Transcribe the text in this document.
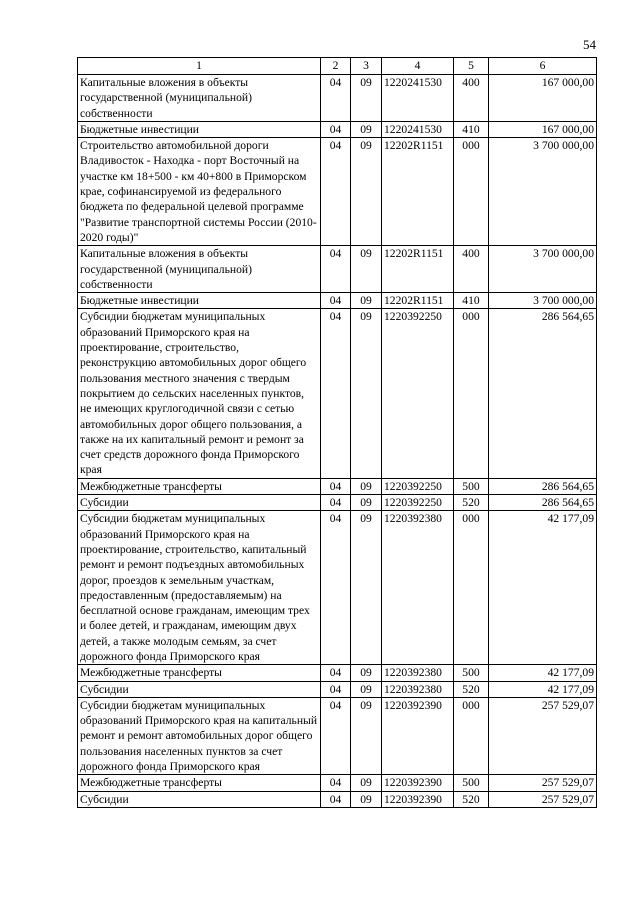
54
1	2	3	4	5	6
Капитальные вложения в объекты государственной (муниципальной) собственности	04	09	1220241530	400	167 000,00
Бюджетные инвестиции	04	09	1220241530	410	167 000,00
Строительство автомобильной дороги Владивосток - Находка - порт Восточный на участке км 18+500 - км 40+800 в Приморском крае, софинансируемой из федерального бюджета по федеральной целевой программе "Развитие транспортной системы России (2010-2020 годы)"	04	09	12202R1151	000	3 700 000,00
Капитальные вложения в объекты государственной (муниципальной) собственности	04	09	12202R1151	400	3 700 000,00
Бюджетные инвестиции	04	09	12202R1151	410	3 700 000,00
Субсидии бюджетам муниципальных образований Приморского края на проектирование, строительство, реконструкцию автомобильных дорог общего пользования местного значения с твердым покрытием до сельских населенных пунктов, не имеющих круглогодичной связи с сетью автомобильных дорог общего пользования, а также на их капитальный ремонт и ремонт за счет средств дорожного фонда Приморского края	04	09	1220392250	000	286 564,65
Межбюджетные трансферты	04	09	1220392250	500	286 564,65
Субсидии	04	09	1220392250	520	286 564,65
Субсидии бюджетам муниципальных образований Приморского края на проектирование, строительство, капитальный ремонт и ремонт подъездных автомобильных дорог, проездов к земельным участкам, предоставленным (предоставляемым) на бесплатной основе гражданам, имеющим трех и более детей, и гражданам, имеющим двух детей, а также молодым семьям, за счет дорожного фонда Приморского края	04	09	1220392380	000	42 177,09
Межбюджетные трансферты	04	09	1220392380	500	42 177,09
Субсидии	04	09	1220392380	520	42 177,09
Субсидии бюджетам муниципальных образований Приморского края на капитальный ремонт и ремонт автомобильных дорог общего пользования населенных пунктов за счет дорожного фонда Приморского края	04	09	1220392390	000	257 529,07
Межбюджетные трансферты	04	09	1220392390	500	257 529,07
Субсидии	04	09	1220392390	520	257 529,07
